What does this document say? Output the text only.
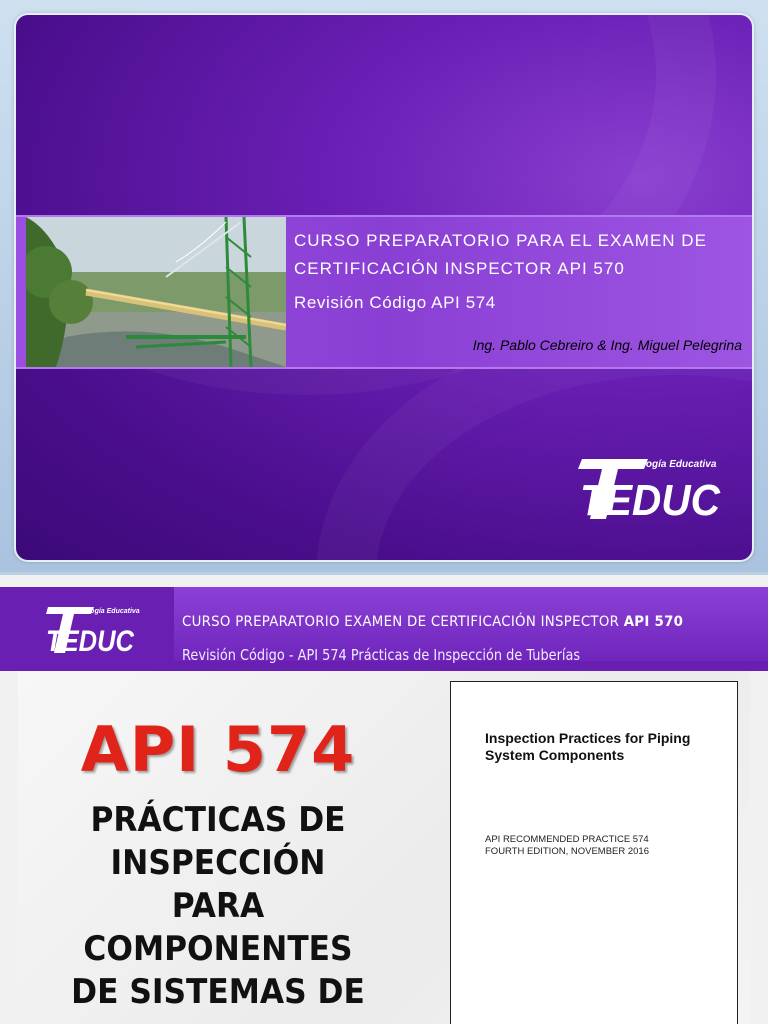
CURSO PREPARATORIO PARA EL EXAMEN DE CERTIFICACIÓN INSPECTOR API 570
Revisión Código API 574
Ing. Pablo Cebreiro & Ing. Miguel Pelegrina
Tecnología Educativa
TEDUC
Tecnología Educativa
TEDUC
CURSO PREPARATORIO EXAMEN DE CERTIFICACIÓN INSPECTOR API 570
Revisión Código - API 574 Prácticas de Inspección de Tuberías
API 574
PRÁCTICAS DE
INSPECCIÓN
PARA
COMPONENTES
DE SISTEMAS DE
Inspection Practices for Piping System Components
API RECOMMENDED PRACTICE 574
FOURTH EDITION, NOVEMBER 2016
